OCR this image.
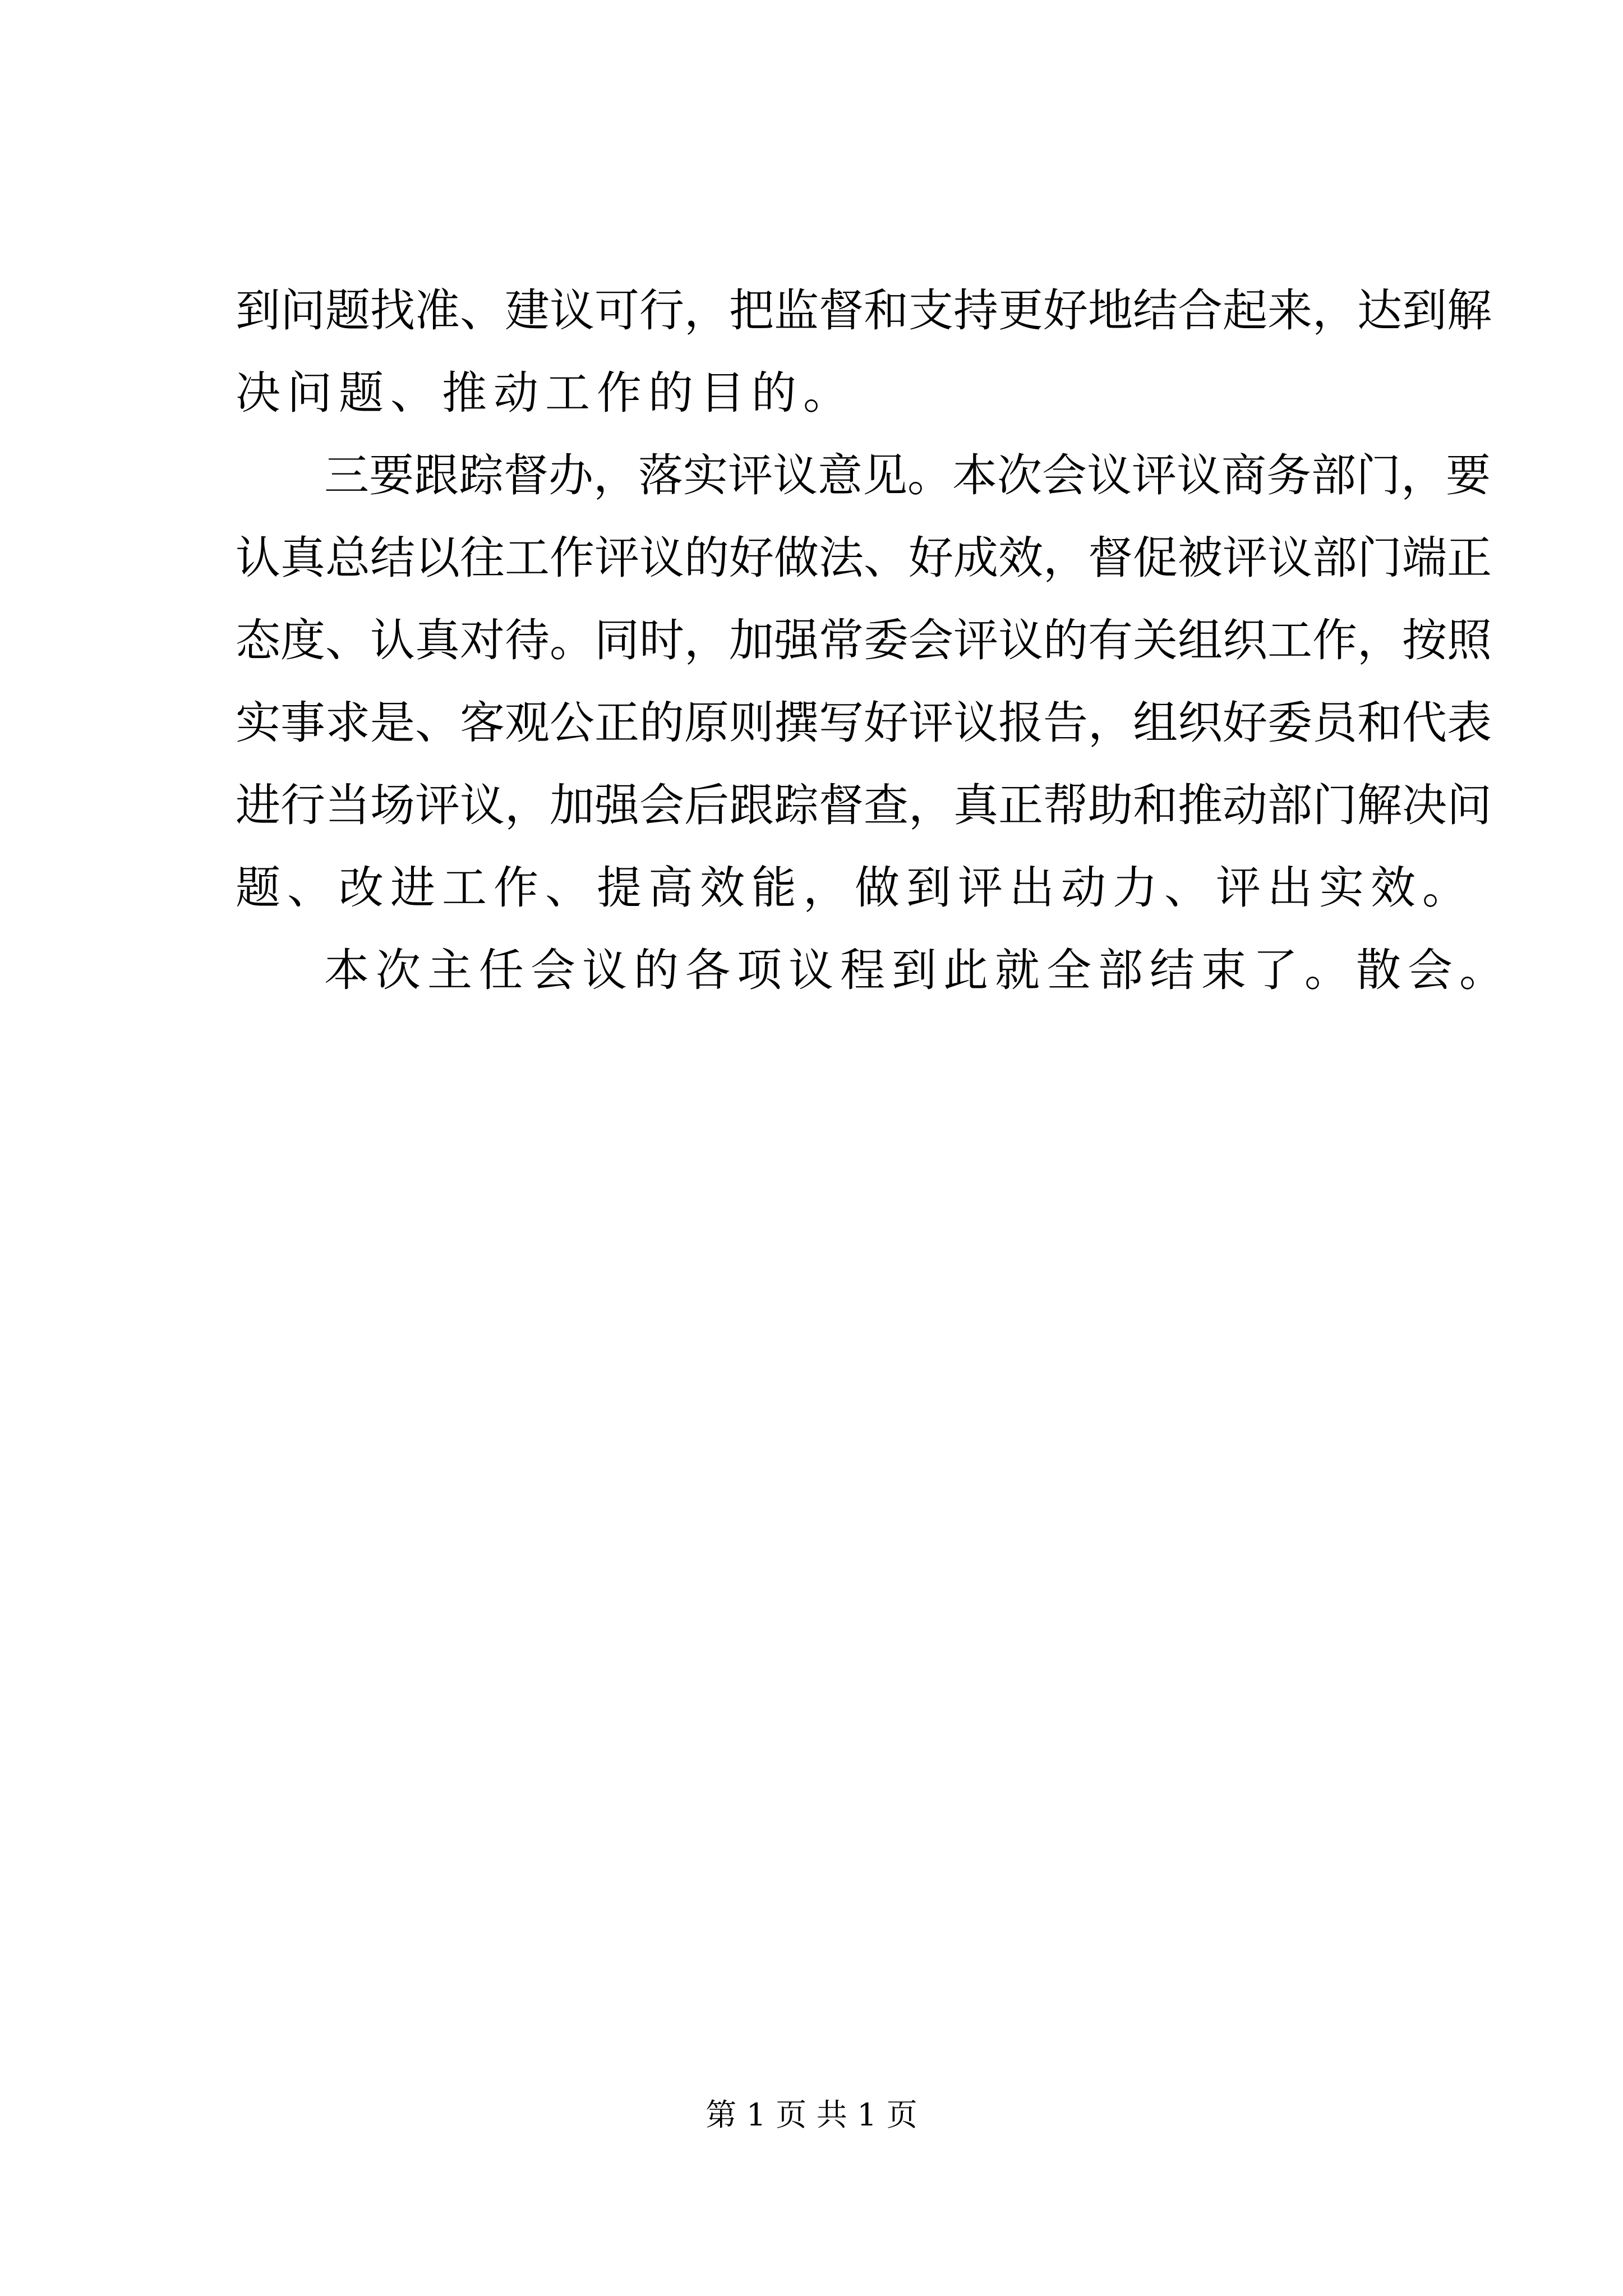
到问题找准、建议可行，把监督和支持更好地结合起来，达到解
决问题、推动工作的目的。
三要跟踪督办，落实评议意见。本次会议评议商务部门，要
认真总结以往工作评议的好做法、好成效，督促被评议部门端正
态度、认真对待。同时，加强常委会评议的有关组织工作，按照
实事求是、客观公正的原则撰写好评议报告，组织好委员和代表
进行当场评议，加强会后跟踪督查，真正帮助和推动部门解决问
题、改进工作、提高效能，做到评出动力、评出实效。
本次主任会议的各项议程到此就全部结束了。散会。
第 1 页 共 1 页
